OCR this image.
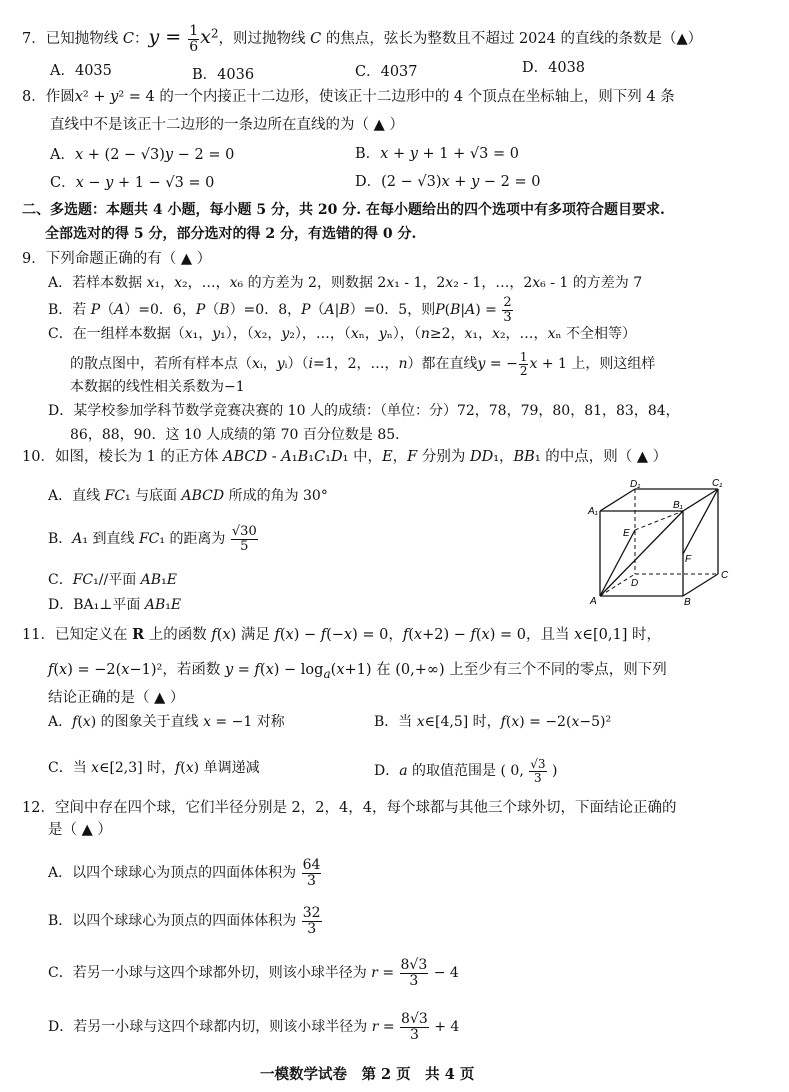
7．已知抛物线 C：$y = \frac{1}{6} x^2$，则过抛物线 C 的焦点，弦长为整数且不超过 2024 的直线的条数是（▲）
A．4035	B．4036	C．4037	D．4038
8．作圆x² + y² = 4 的一个内接正十二边形，使该正十二边形中的 4 个顶点在坐标轴上，则下列 4 条
直线中不是该正十二边形的一条边所在直线的为（ ▲ ）
A．x + (2 − √3)y − 2 = 0	B．x + y + 1 + √3 = 0
C．x − y + 1 − √3 = 0	D．(2 − √3)x + y − 2 = 0
二、多选题：本题共 4 小题，每小题 5 分，共 20 分. 在每小题给出的四个选项中有多项符合题目要求.
全部选对的得 5 分，部分选对的得 2 分，有选错的得 0 分.
9．下列命题正确的有（ ▲ ）
A．若样本数据 x₁，x₂，…，x₆ 的方差为 2，则数据 2x₁ - 1，2x₂ - 1，…，2x₆ - 1 的方差为 7
B．若 P（A）=0．6，P（B）=0．8，P（A|B）=0．5，则$P(B|A) = \frac{2}{3}$
C．在一组样本数据（x₁，y₁），（x₂，y₂），…，（xₙ，yₙ），（n≥2，x₁，x₂，…，xₙ 不全相等）
的散点图中，若所有样本点（xᵢ，yᵢ）（i=1，2，…，n）都在直线y = − $\frac{1}{2}$ x + 1 上，则这组样
本数据的线性相关系数为−1
D．某学校参加学科节数学竞赛决赛的 10 人的成绩：（单位：分）72，78，79，80，81，83，84，
86，88，90．这 10 人成绩的第 70 百分位数是 85．
10．如图，棱长为 1 的正方体 ABCD - A₁B₁C₁D₁ 中，E，F 分别为 DD₁，BB₁ 的中点，则（ ▲ ）
A．直线 FC₁ 与底面 ABCD 所成的角为 30°
B．A₁ 到直线 FC₁ 的距离为 $\frac{√30}{5}$
C．FC₁//平面 AB₁E
D．BA₁⊥平面 AB₁E
D₁	C₁
A₁
B₁
E
F
D
C
A	B
11．已知定义在 R 上的函数 f(x) 满足 f(x) − f(−x) = 0，f(x+2) − f(x) = 0，且当 x∈[0,1] 时，
f(x) = −2(x−1)²，若函数 $y = f(x) - \log_a(x+1)$ 在 (0,+∞) 上至少有三个不同的零点，则下列
结论正确的是（ ▲ ）
A．f(x) 的图象关于直线 x = −1 对称	B．当 x∈[4,5] 时，f(x) = −2(x−5)²
C．当 x∈[2,3] 时，f(x) 单调递减	D．a 的取值范围是 ( 0, $\frac{√3}{3}$ )
12．空间中存在四个球，它们半径分别是 2，2，4，4，每个球都与其他三个球外切，下面结论正确的
是（ ▲ ）
A．以四个球球心为顶点的四面体体积为 $\frac{64}{3}$
B．以四个球球心为顶点的四面体体积为 $\frac{32}{3}$
C．若另一小球与这四个球都外切，则该小球半径为 $r = \frac{8√3}{3} - 4$
D．若另一小球与这四个球都内切，则该小球半径为 $r = \frac{8√3}{3} + 4$
一模数学试卷　第 2 页　共 4 页
